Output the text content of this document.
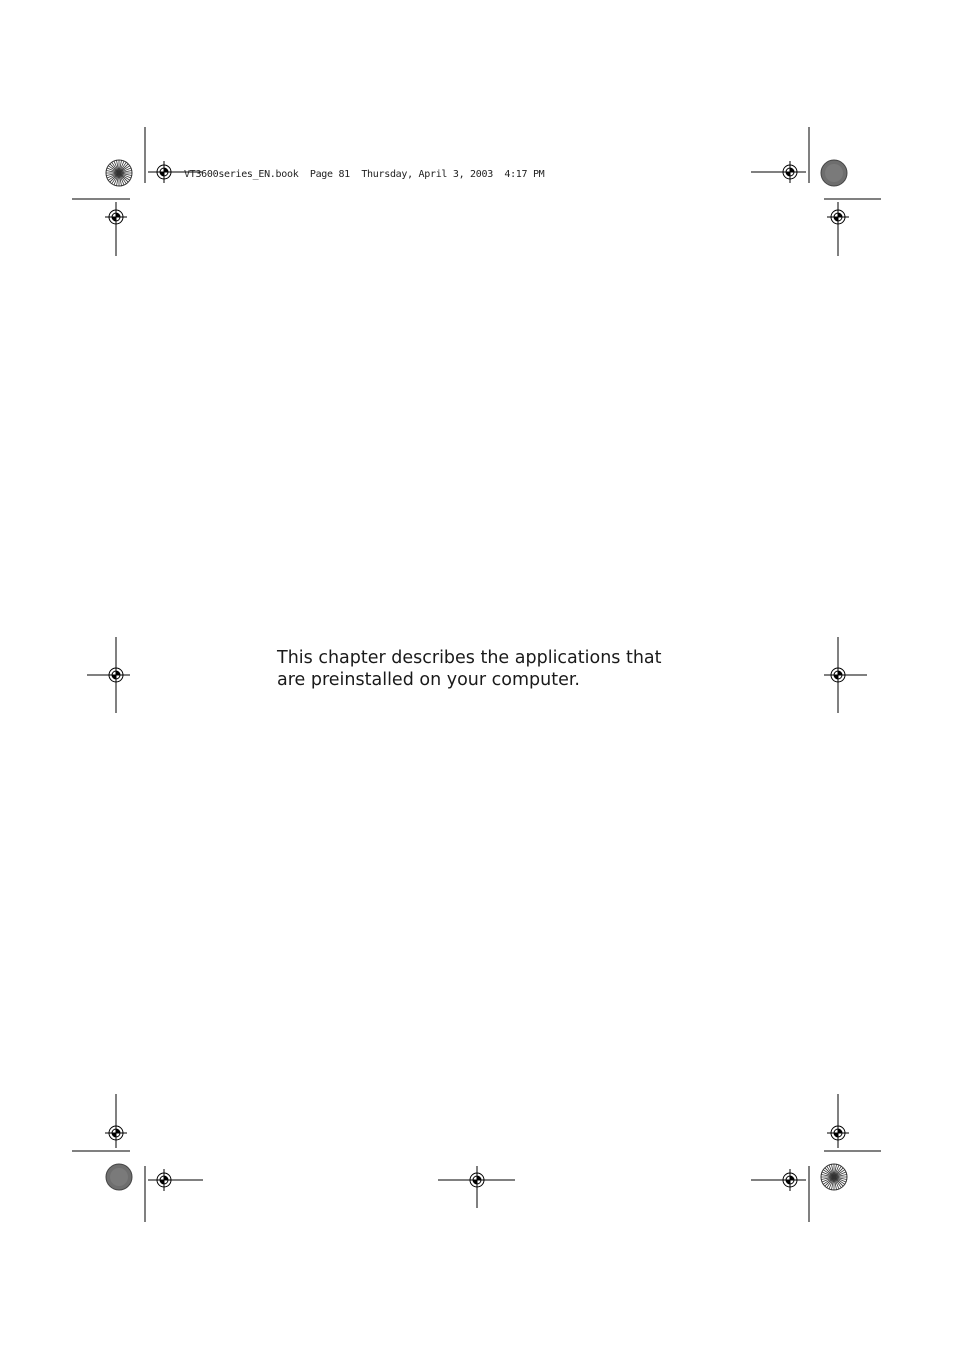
VT3600series_EN.book  Page 81  Thursday, April 3, 2003  4:17 PM
This chapter describes the applications that
are preinstalled on your computer.
